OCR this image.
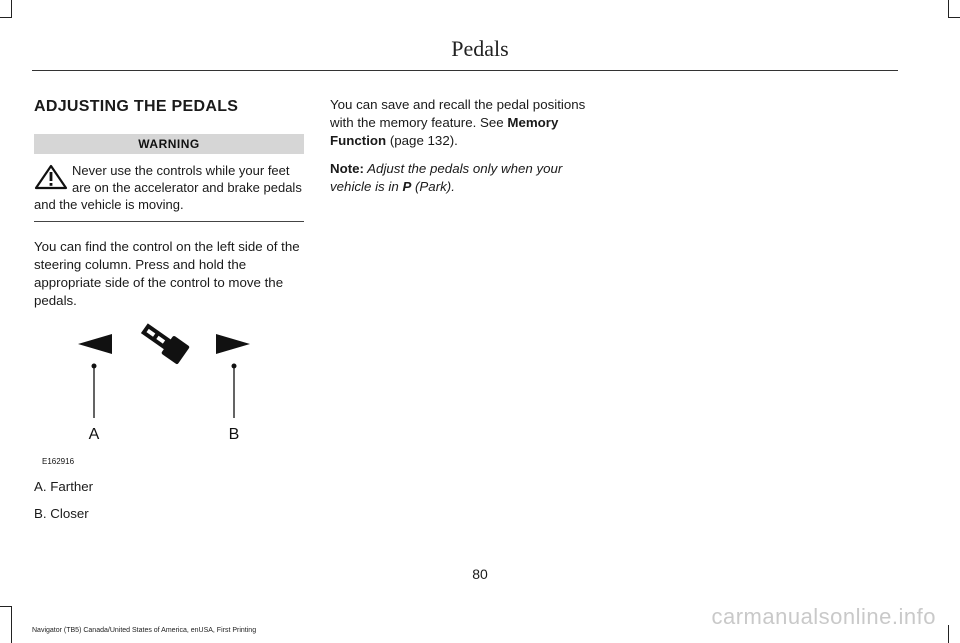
Pedals
ADJUSTING THE PEDALS
WARNING
Never use the controls while your feet are on the accelerator and brake pedals and the vehicle is moving.

You can find the control on the left side of the steering column. Press and hold the appropriate side of the control to move the pedals.

A	B
E162916

A. Farther

B. Closer

You can save and recall the pedal positions with the memory feature. See Memory Function (page 132).

Note: Adjust the pedals only when your vehicle is in P (Park).

80
Navigator (TB5) Canada/United States of America, enUSA, First Printing
carmanualsonline.info
